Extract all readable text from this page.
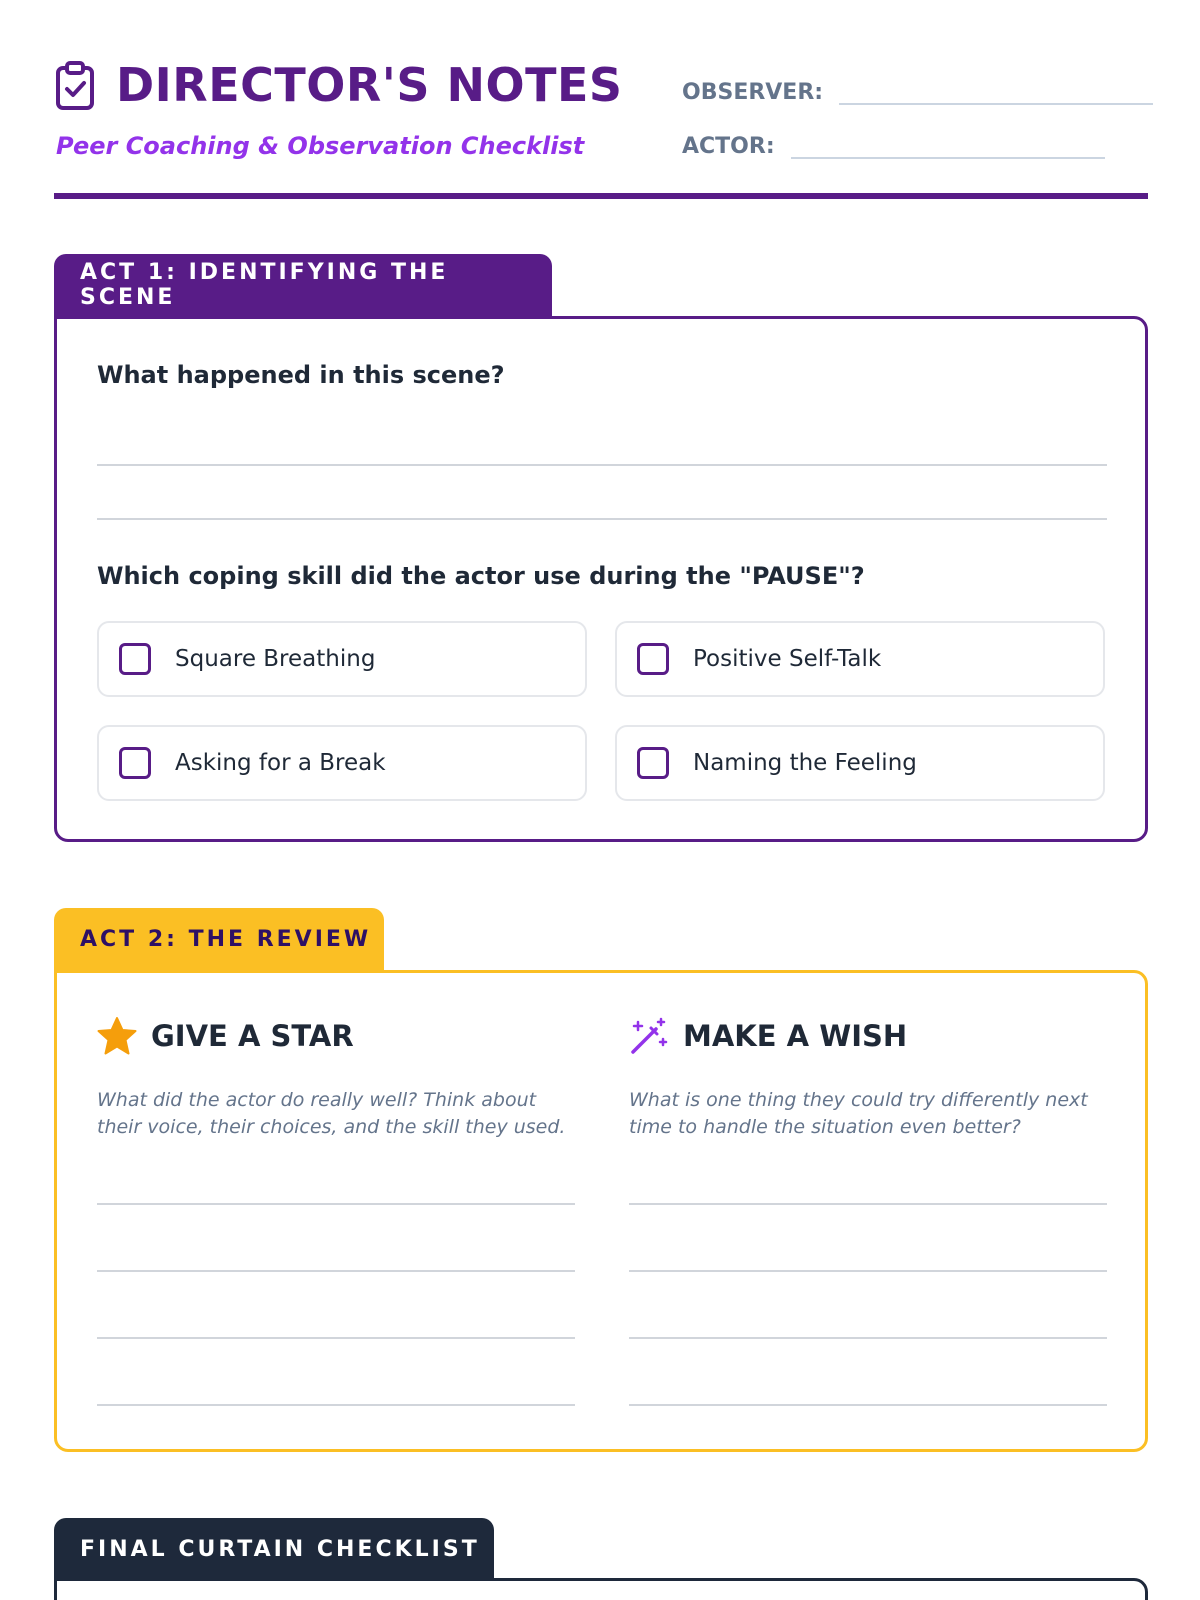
DIRECTOR'S NOTES
Peer Coaching & Observation Checklist
OBSERVER:
ACTOR:
ACT 1: IDENTIFYING THE SCENE
What happened in this scene?
Which coping skill did the actor use during the "PAUSE"?
Square Breathing	Positive Self-Talk
Asking for a Break	Naming the Feeling
ACT 2: THE REVIEW
GIVE A STAR
What did the actor do really well? Think about their voice, their choices, and the skill they used.
MAKE A WISH
What is one thing they could try differently next time to handle the situation even better?
FINAL CURTAIN CHECKLIST
